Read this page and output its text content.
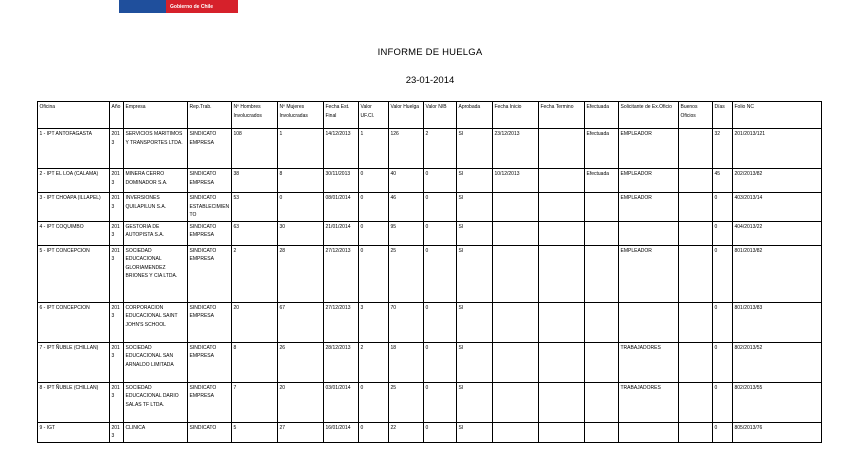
Gobierno de Chile
INFORME DE HUELGA
23-01-2014
Oficina	Año	Empresa	Rep.Trab.	Nº Hombres Involucrados	Nº Mujeres Involucradas	Fecha Est. Final	Valor UF.Cl.	Valor Huelga	Valor N/B	Aprobada	Fecha Inicio	Fecha Termino	Efectuada	Solicitante de Ex.Oficio	Buenos Oficios	Días	Folio NC
1 - IPT ANTOFAGASTA	2013	SERVICIOS MARITIMOS Y TRANSPORTES LTDA.	SINDICATO EMPRESA	108	1	14/12/2013	1	126	2	SI	23/12/2013		Efectuada	EMPLEADOR		32	201/2013/121
2 - IPT EL LOA (CALAMA)	2013	MINERA CERRO DOMINADOR S.A.	SINDICATO EMPRESA	38	8	30/11/2013	0	40	0	SI	10/12/2013		Efectuada	EMPLEADOR		45	202/2013/82
3 - IPT CHOAPA (ILLAPEL)	2013	INVERSIONES QUILAPILUN S.A.	SINDICATO ESTABLECIMIENTO	53	0	08/01/2014	0	46	0	SI				EMPLEADOR		0	403/2013/14
4 - IPT COQUIMBO	2013	GESTORIA DE AUTOPISTA S.A.	SINDICATO EMPRESA	63	30	21/01/2014	0	95	0	SI						0	404/2013/22
5 - IPT CONCEPCION	2013	SOCIEDAD EDUCACIONAL GLORIAMENDEZ BRIONES Y CIA LTDA.	SINDICATO EMPRESA	2	28	27/12/2013	0	25	0	SI				EMPLEADOR		0	801/2013/82
6 - IPT CONCEPCION	2013	CORPORACION EDUCACIONAL SAINT JOHN'S SCHOOL	SINDICATO EMPRESA	20	67	27/12/2013	3	70	0	SI						0	801/2013/83
7 - IPT ÑUBLE (CHILLAN)	2013	SOCIEDAD EDUCACIONAL SAN ARNALDO LIMITADA	SINDICATO EMPRESA	8	26	28/12/2013	2	18	0	SI				TRABAJADORES		0	802/2013/52
8 - IPT ÑUBLE (CHILLAN)	2013	SOCIEDAD EDUCACIONAL DARIO SALAS TF LTDA.	SINDICATO EMPRESA	7	20	03/01/2014	0	25	0	SI				TRABAJADORES		0	802/2013/55
9 - IGT	2013	CLINICA	SINDICATO	5	27	16/01/2014	0	22	0	SI						0	805/2013/76
